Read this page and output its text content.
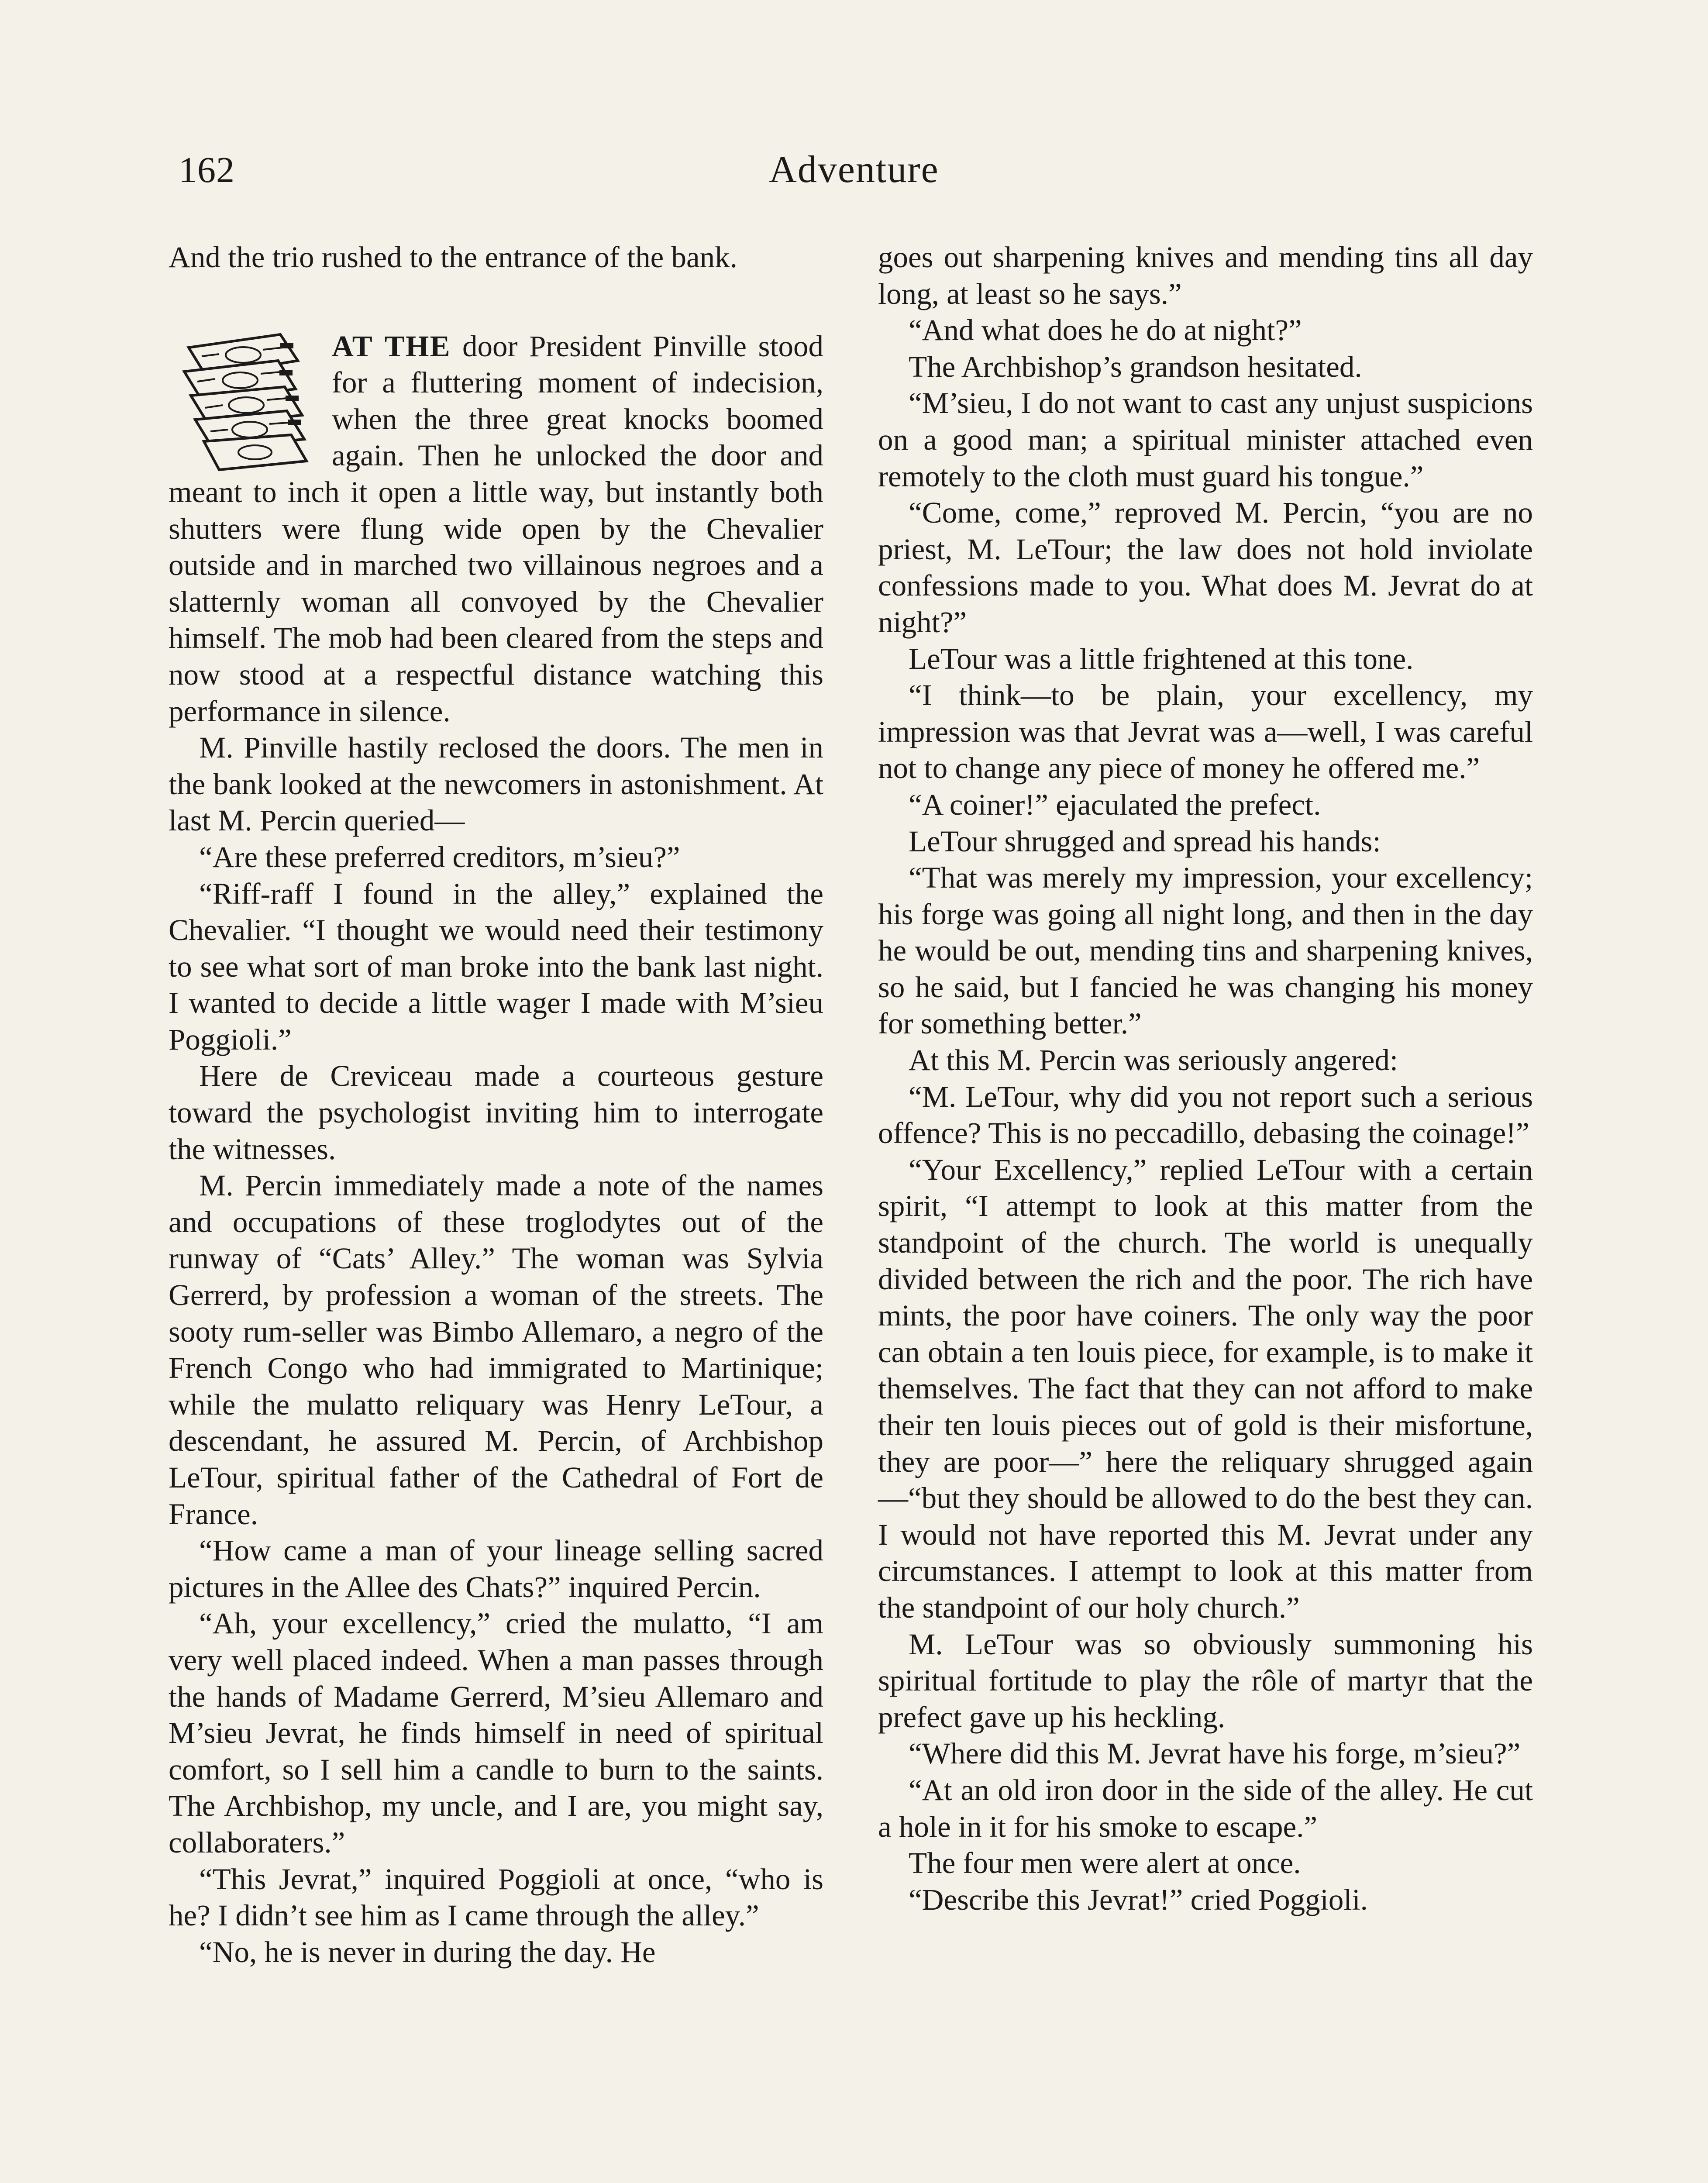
162	Adventure

And the trio rushed to the entrance of the bank.

AT THE door President Pinville stood for a fluttering moment of indecision, when the three great knocks boomed again. Then he unlocked the door and meant to inch it open a little way, but instantly both shutters were flung wide open by the Chevalier outside and in marched two villainous negroes and a slatternly woman all convoyed by the Chevalier himself. The mob had been cleared from the steps and now stood at a respectful distance watching this performance in silence.

M. Pinville hastily reclosed the doors. The men in the bank looked at the newcomers in astonishment. At last M. Percin queried—

“Are these preferred creditors, m’sieu?”

“Riff-raff I found in the alley,” explained the Chevalier. “I thought we would need their testimony to see what sort of man broke into the bank last night. I wanted to decide a little wager I made with M’sieu Poggioli.”

Here de Creviceau made a courteous gesture toward the psychologist inviting him to interrogate the witnesses.

M. Percin immediately made a note of the names and occupations of these troglodytes out of the runway of “Cats’ Alley.” The woman was Sylvia Gerrerd, by profession a woman of the streets. The sooty rum-seller was Bimbo Allemaro, a negro of the French Congo who had immigrated to Martinique; while the mulatto reliquary was Henry LeTour, a descendant, he assured M. Percin, of Archbishop LeTour, spiritual father of the Cathedral of Fort de France.

“How came a man of your lineage selling sacred pictures in the Allee des Chats?” inquired Percin.

“Ah, your excellency,” cried the mulatto, “I am very well placed indeed. When a man passes through the hands of Madame Gerrerd, M’sieu Allemaro and M’sieu Jevrat, he finds himself in need of spiritual comfort, so I sell him a candle to burn to the saints. The Archbishop, my uncle, and I are, you might say, collaboraters.”

“This Jevrat,” inquired Poggioli at once, “who is he? I didn’t see him as I came through the alley.”

“No, he is never in during the day. He

goes out sharpening knives and mending tins all day long, at least so he says.”

“And what does he do at night?”

The Archbishop’s grandson hesitated.

“M’sieu, I do not want to cast any unjust suspicions on a good man; a spiritual minister attached even remotely to the cloth must guard his tongue.”

“Come, come,” reproved M. Percin, “you are no priest, M. LeTour; the law does not hold inviolate confessions made to you. What does M. Jevrat do at night?”

LeTour was a little frightened at this tone.

“I think—to be plain, your excellency, my impression was that Jevrat was a—well, I was careful not to change any piece of money he offered me.”

“A coiner!” ejaculated the prefect.

LeTour shrugged and spread his hands:

“That was merely my impression, your excellency; his forge was going all night long, and then in the day he would be out, mending tins and sharpening knives, so he said, but I fancied he was changing his money for something better.”

At this M. Percin was seriously angered:

“M. LeTour, why did you not report such a serious offence? This is no peccadillo, debasing the coinage!”

“Your Excellency,” replied LeTour with a certain spirit, “I attempt to look at this matter from the standpoint of the church. The world is unequally divided between the rich and the poor. The rich have mints, the poor have coiners. The only way the poor can obtain a ten louis piece, for example, is to make it themselves. The fact that they can not afford to make their ten louis pieces out of gold is their misfortune, they are poor—” here the reliquary shrugged again—“but they should be allowed to do the best they can. I would not have reported this M. Jevrat under any circumstances. I attempt to look at this matter from the standpoint of our holy church.”

M. LeTour was so obviously summoning his spiritual fortitude to play the rôle of martyr that the prefect gave up his heckling.

“Where did this M. Jevrat have his forge, m’sieu?”

“At an old iron door in the side of the alley. He cut a hole in it for his smoke to escape.”

The four men were alert at once.

“Describe this Jevrat!” cried Poggioli.
